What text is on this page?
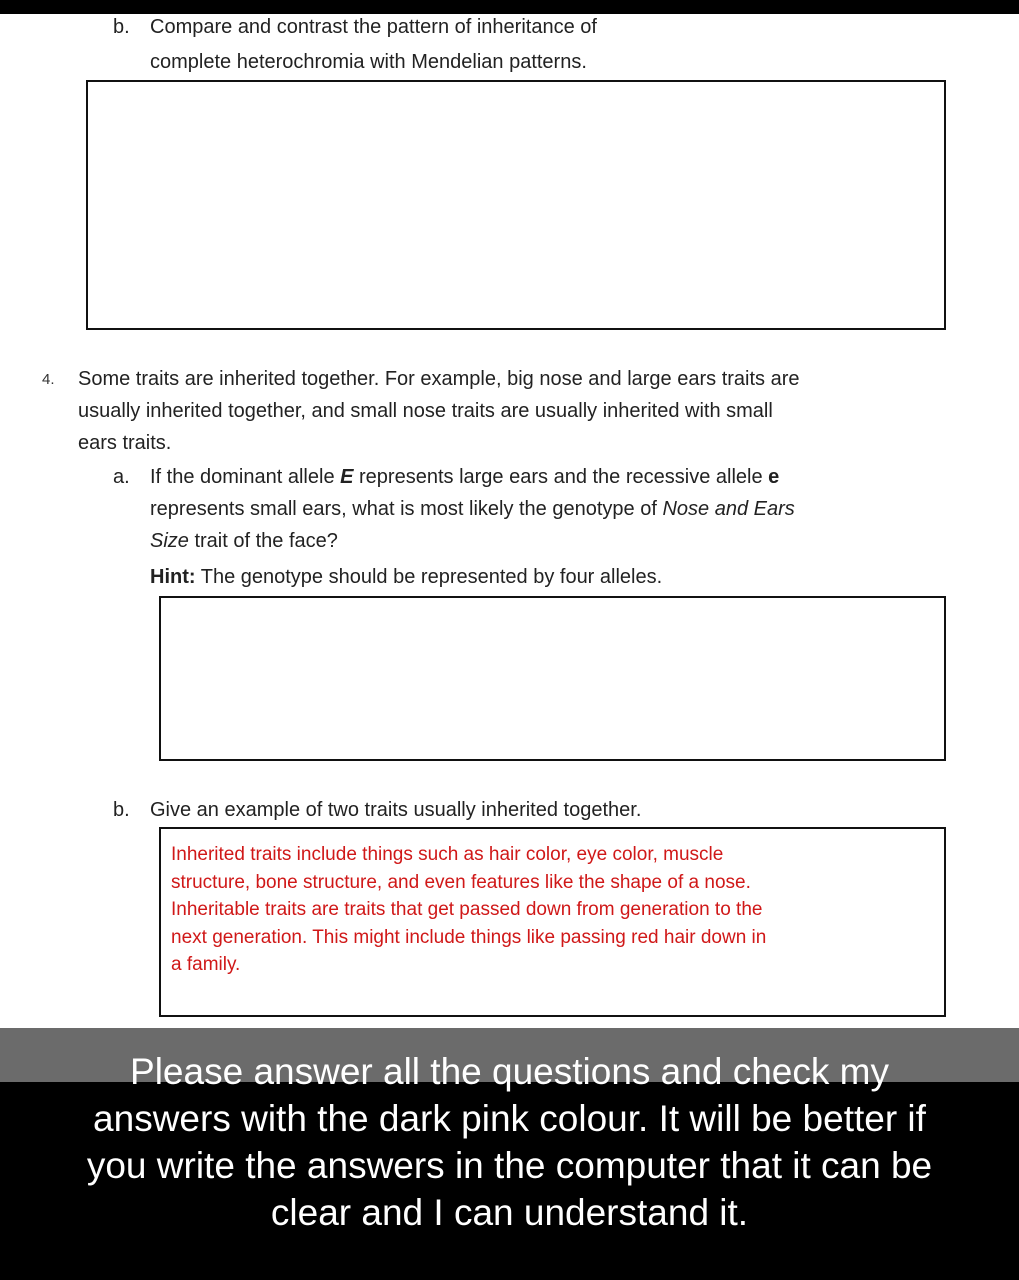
b. Compare and contrast the pattern of inheritance of
complete heterochromia with Mendelian patterns.
4. Some traits are inherited together. For example, big nose and large ears traits are
usually inherited together, and small nose traits are usually inherited with small
ears traits.
a. If the dominant allele E represents large ears and the recessive allele e
represents small ears, what is most likely the genotype of Nose and Ears
Size trait of the face?
Hint: The genotype should be represented by four alleles.
b. Give an example of two traits usually inherited together.
Inherited traits include things such as hair color, eye color, muscle
structure, bone structure, and even features like the shape of a nose.
Inheritable traits are traits that get passed down from generation to the
next generation. This might include things like passing red hair down in
a family.
Please answer all the questions and check my
answers with the dark pink colour. It will be better if
you write the answers in the computer that it can be
clear and I can understand it.
